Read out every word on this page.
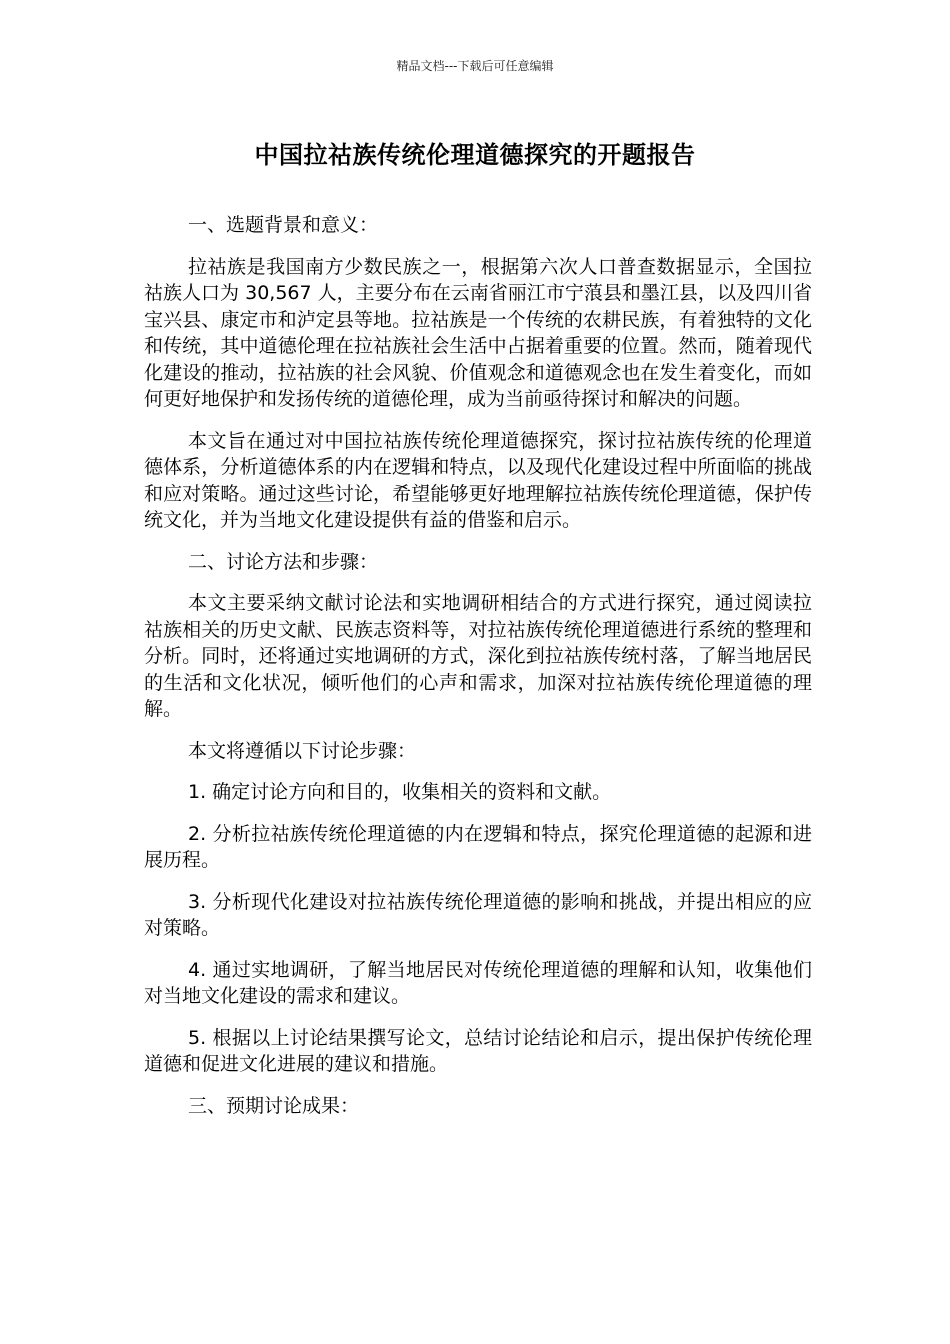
精品文档---下载后可任意编辑
中国拉祜族传统伦理道德探究的开题报告

一、选题背景和意义：

拉祜族是我国南方少数民族之一，根据第六次人口普查数据显示，全国拉祜族人口为 30,567 人，主要分布在云南省丽江市宁蒗县和墨江县，以及四川省宝兴县、康定市和泸定县等地。拉祜族是一个传统的农耕民族，有着独特的文化和传统，其中道德伦理在拉祜族社会生活中占据着重要的位置。然而，随着现代化建设的推动，拉祜族的社会风貌、价值观念和道德观念也在发生着变化，而如何更好地保护和发扬传统的道德伦理，成为当前亟待探讨和解决的问题。

本文旨在通过对中国拉祜族传统伦理道德探究，探讨拉祜族传统的伦理道德体系，分析道德体系的内在逻辑和特点，以及现代化建设过程中所面临的挑战和应对策略。通过这些讨论，希望能够更好地理解拉祜族传统伦理道德，保护传统文化，并为当地文化建设提供有益的借鉴和启示。

二、讨论方法和步骤：

本文主要采纳文献讨论法和实地调研相结合的方式进行探究，通过阅读拉祜族相关的历史文献、民族志资料等，对拉祜族传统伦理道德进行系统的整理和分析。同时，还将通过实地调研的方式，深化到拉祜族传统村落，了解当地居民的生活和文化状况，倾听他们的心声和需求，加深对拉祜族传统伦理道德的理解。

本文将遵循以下讨论步骤：

1. 确定讨论方向和目的，收集相关的资料和文献。

2. 分析拉祜族传统伦理道德的内在逻辑和特点，探究伦理道德的起源和进展历程。

3. 分析现代化建设对拉祜族传统伦理道德的影响和挑战，并提出相应的应对策略。

4. 通过实地调研，了解当地居民对传统伦理道德的理解和认知，收集他们对当地文化建设的需求和建议。

5. 根据以上讨论结果撰写论文，总结讨论结论和启示，提出保护传统伦理道德和促进文化进展的建议和措施。

三、预期讨论成果：
